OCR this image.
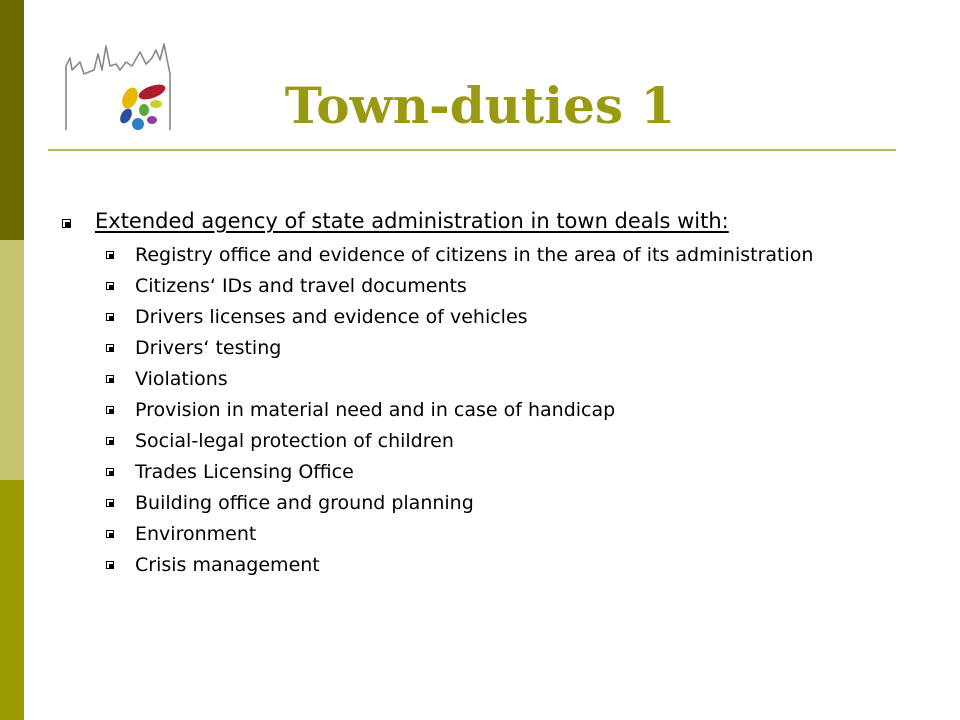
Town-duties 1
Extended agency of state administration in town deals with:
Registry office and evidence of citizens in the area of its administration
Citizens‘ IDs and travel documents
Drivers licenses and evidence of vehicles
Drivers‘ testing
Violations
Provision in material need and in case of handicap
Social-legal protection of children
Trades Licensing Office
Building office and ground planning
Environment
Crisis management
